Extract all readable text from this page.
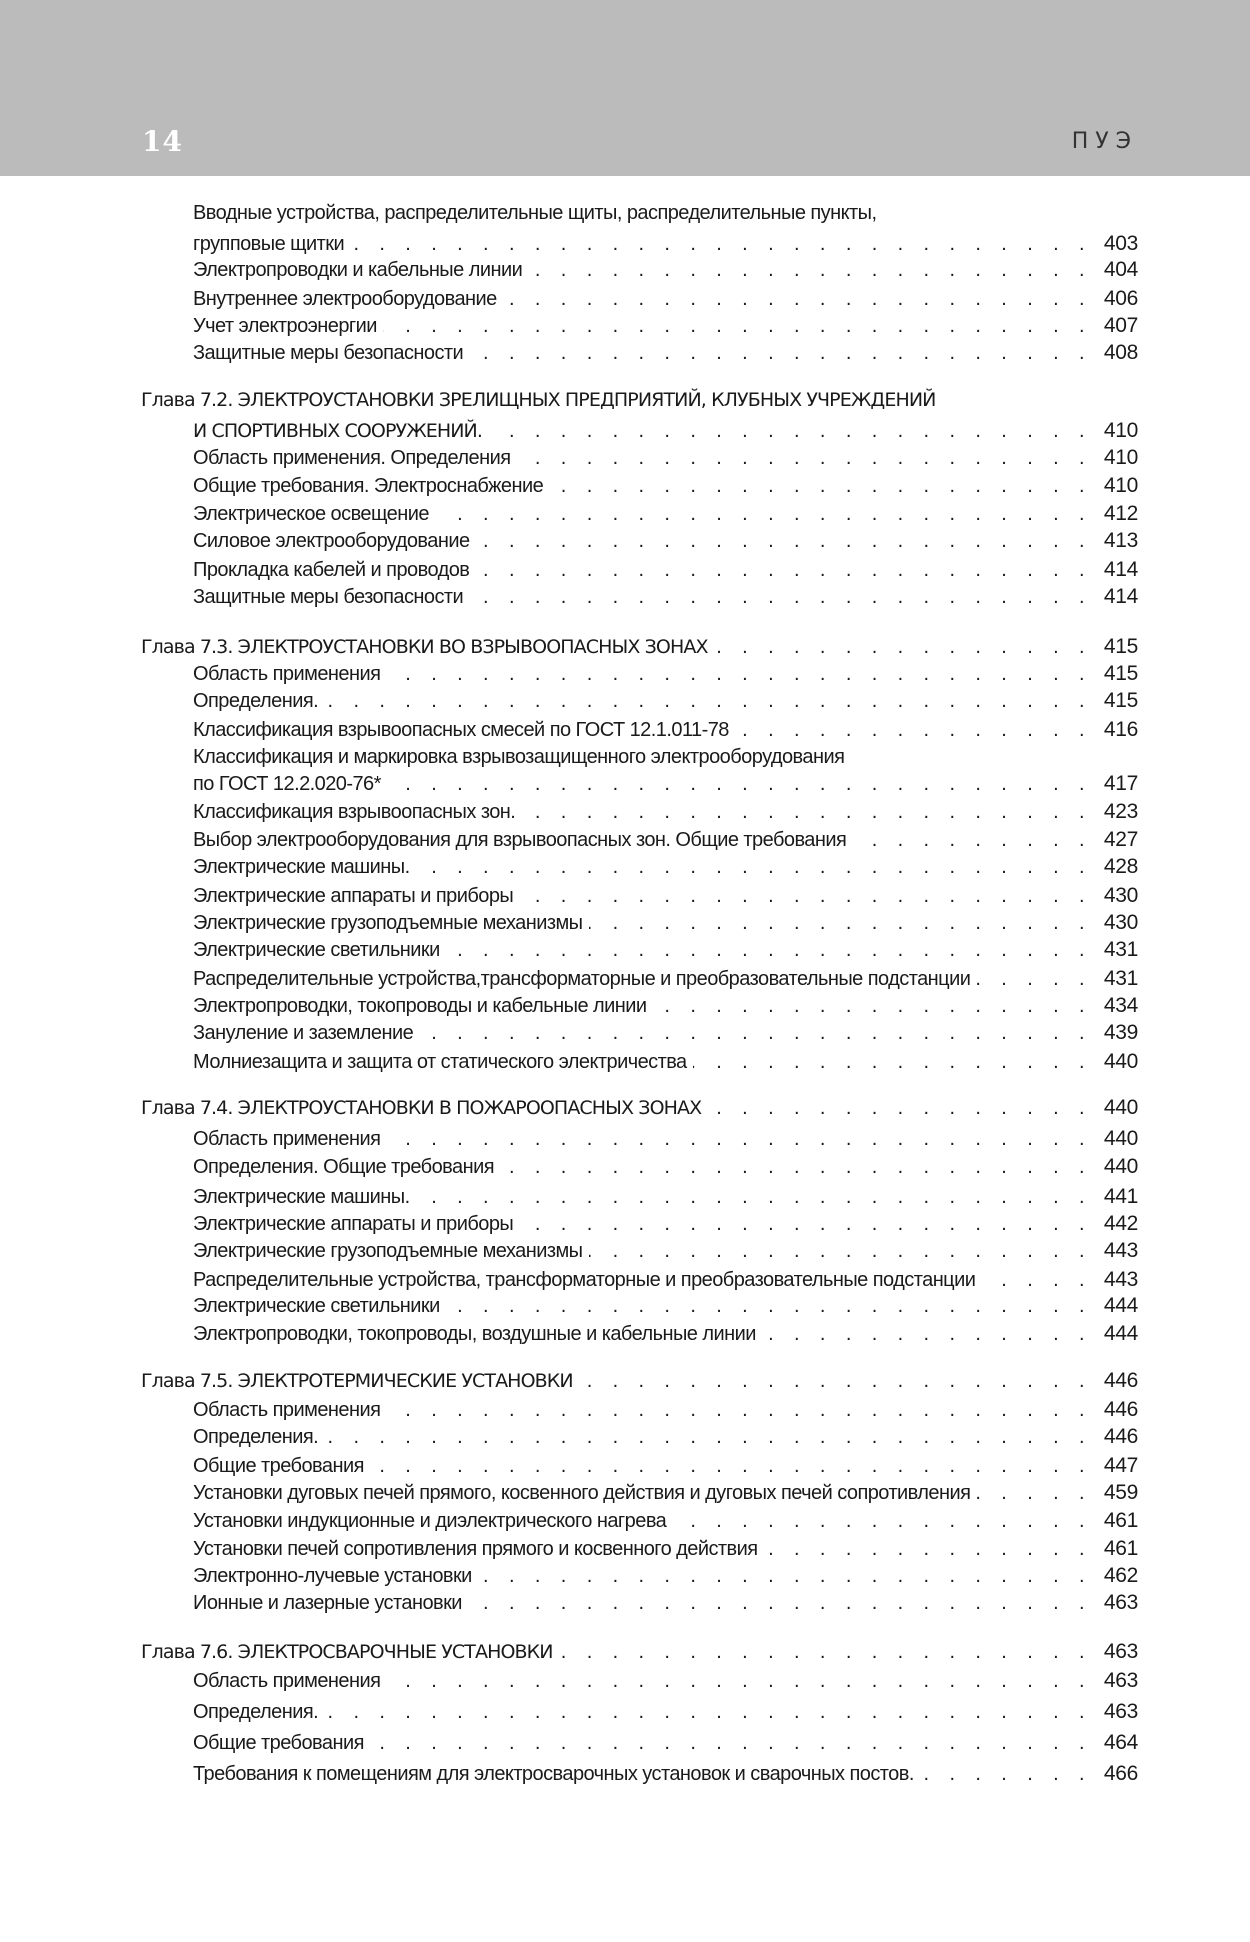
14	ПУЭ
Вводные устройства, распределительные щиты, распределительные пункты,
групповые щитки . . .	403
Электропроводки и кабельные линии . . .	404
Внутреннее электрооборудование . . .	406
Учет электроэнергии . . .	407
Защитные меры безопасности . . .	408
Глава 7.2. ЭЛЕКТРОУСТАНОВКИ ЗРЕЛИЩНЫХ ПРЕДПРИЯТИЙ, КЛУБНЫХ УЧРЕЖДЕНИЙ
И СПОРТИВНЫХ СООРУЖЕНИЙ. . . .	410
Область применения. Определения . . .	410
Общие требования. Электроснабжение . . .	410
Электрическое освещение . . .	412
Силовое электрооборудование . . .	413
Прокладка кабелей и проводов . . .	414
Защитные меры безопасности . . .	414
Глава 7.3. ЭЛЕКТРОУСТАНОВКИ ВО ВЗРЫВООПАСНЫХ ЗОНАХ . . .	415
Область применения . . .	415
Определения. . . .	415
Классификация взрывоопасных смесей по ГОСТ 12.1.011-78 . . .	416
Классификация и маркировка взрывозащищенного электрооборудования
по ГОСТ 12.2.020-76* . . .	417
Классификация взрывоопасных зон. . . .	423
Выбор электрооборудования для взрывоопасных зон. Общие требования . . .	427
Электрические машины. . . .	428
Электрические аппараты и приборы . . .	430
Электрические грузоподъемные механизмы . . .	430
Электрические светильники . . .	431
Распределительные устройства,трансформаторные и преобразовательные подстанции . . .	431
Электропроводки, токопроводы и кабельные линии . . .	434
Зануление и заземление . . .	439
Молниезащита и защита от статического электричества . . .	440
Глава 7.4. ЭЛЕКТРОУСТАНОВКИ В ПОЖАРООПАСНЫХ ЗОНАХ . . .	440
Область применения . . .	440
Определения. Общие требования . . .	440
Электрические машины. . . .	441
Электрические аппараты и приборы . . .	442
Электрические грузоподъемные механизмы . . .	443
Распределительные устройства, трансформаторные и преобразовательные подстанции . . .	443
Электрические светильники . . .	444
Электропроводки, токопроводы, воздушные и кабельные линии . . .	444
Глава 7.5. ЭЛЕКТРОТЕРМИЧЕСКИЕ УСТАНОВКИ . . .	446
Область применения . . .	446
Определения. . . .	446
Общие требования . . .	447
Установки дуговых печей прямого, косвенного действия и дуговых печей сопротивления . . .	459
Установки индукционные и диэлектрического нагрева . . .	461
Установки печей сопротивления прямого и косвенного действия . . .	461
Электронно-лучевые установки . . .	462
Ионные и лазерные установки . . .	463
Глава 7.6. ЭЛЕКТРОСВАРОЧНЫЕ УСТАНОВКИ . . .	463
Область применения . . .	463
Определения. . . .	463
Общие требования . . .	464
Требования к помещениям для электросварочных установок и сварочных постов. . . .	466
